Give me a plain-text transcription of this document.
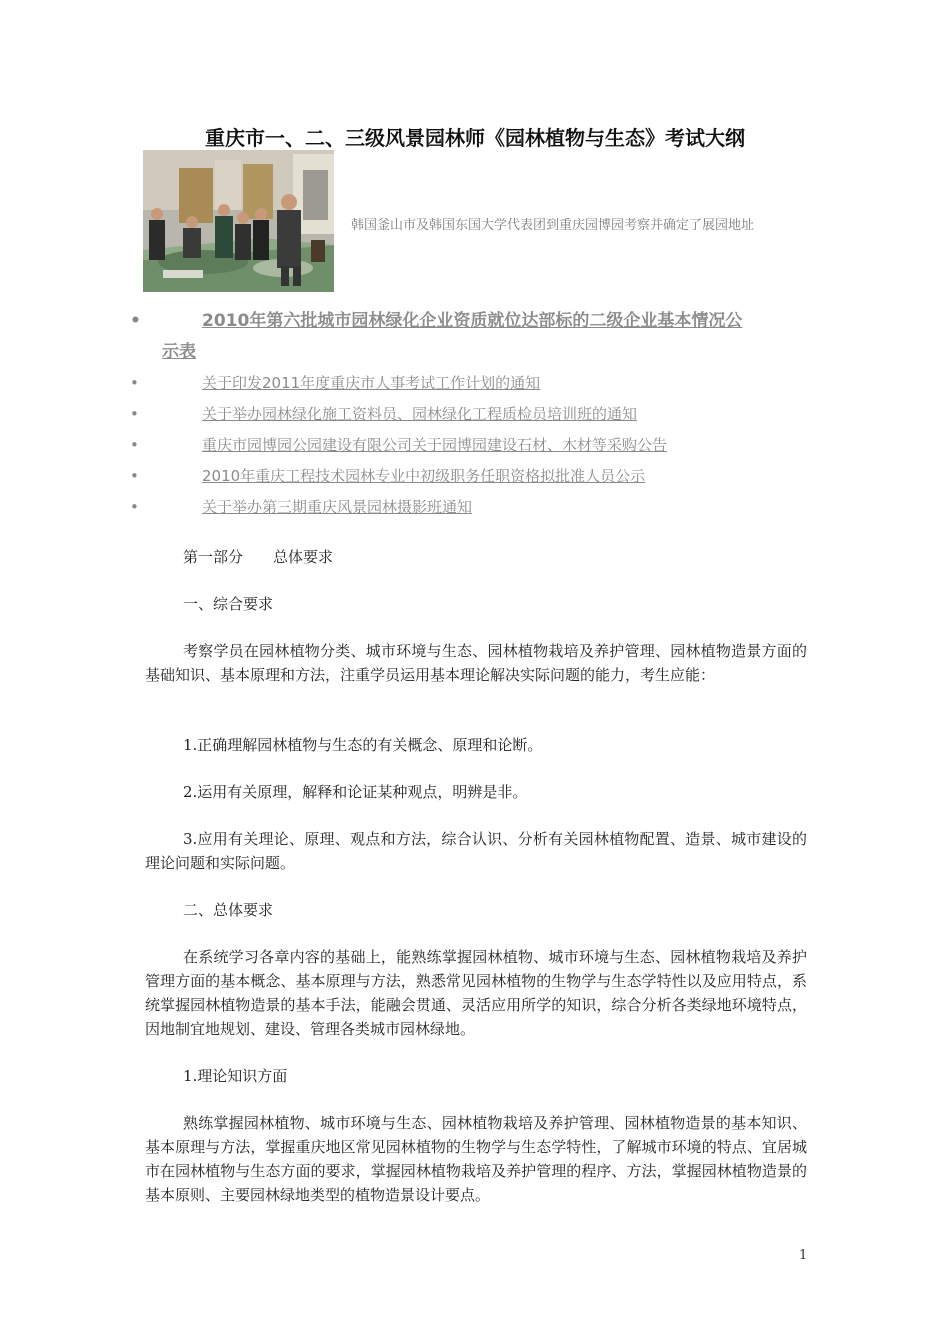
重庆市一、二、三级风景园林师《园林植物与生态》考试大纲
韩国釜山市及韩国东国大学代表团到重庆园博园考察并确定了展园地址
•	2010年第六批城市园林绿化企业资质就位达部标的二级企业基本情况公
示表
•	关于印发2011年度重庆市人事考试工作计划的通知
•	关于举办园林绿化施工资料员、园林绿化工程质检员培训班的通知
•	重庆市园博园公园建设有限公司关于园博园建设石材、木材等采购公告
•	2010年重庆工程技术园林专业中初级职务任职资格拟批准人员公示
•	关于举办第三期重庆风景园林摄影班通知

第一部分　　总体要求

一、综合要求

考察学员在园林植物分类、城市环境与生态、园林植物栽培及养护管理、园林植物造景方面的基础知识、基本原理和方法，注重学员运用基本理论解决实际问题的能力，考生应能：

1.正确理解园林植物与生态的有关概念、原理和论断。

2.运用有关原理，解释和论证某种观点，明辨是非。

3.应用有关理论、原理、观点和方法，综合认识、分析有关园林植物配置、造景、城市建设的理论问题和实际问题。

二、总体要求

在系统学习各章内容的基础上，能熟练掌握园林植物、城市环境与生态、园林植物栽培及养护管理方面的基本概念、基本原理与方法，熟悉常见园林植物的生物学与生态学特性以及应用特点，系统掌握园林植物造景的基本手法，能融会贯通、灵活应用所学的知识，综合分析各类绿地环境特点，因地制宜地规划、建设、管理各类城市园林绿地。

1.理论知识方面

熟练掌握园林植物、城市环境与生态、园林植物栽培及养护管理、园林植物造景的基本知识、基本原理与方法，掌握重庆地区常见园林植物的生物学与生态学特性，了解城市环境的特点、宜居城市在园林植物与生态方面的要求，掌握园林植物栽培及养护管理的程序、方法，掌握园林植物造景的基本原则、主要园林绿地类型的植物造景设计要点。

1
